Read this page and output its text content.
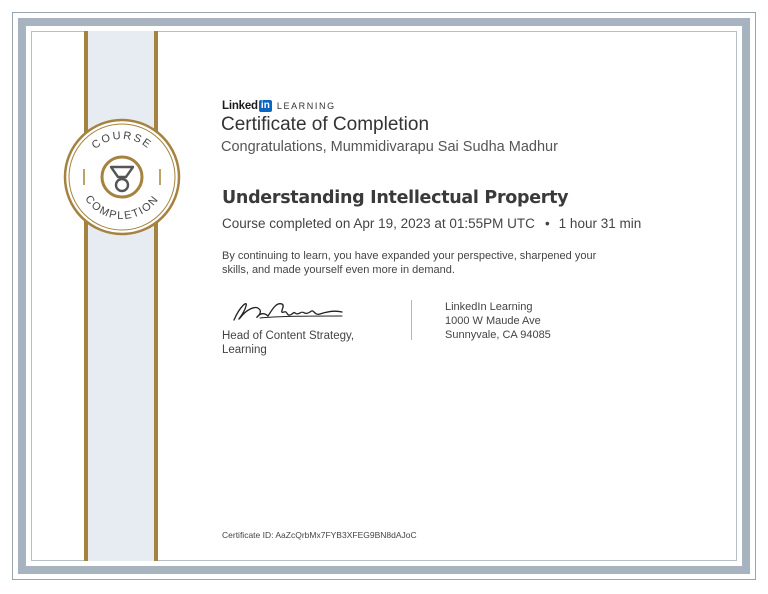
COURSE
COMPLETION
Linked in LEARNING
Certificate of Completion
Congratulations, Mummidivarapu Sai Sudha Madhur
Understanding Intellectual Property
Course completed on Apr 19, 2023 at 01:55PM UTC • 1 hour 31 min
By continuing to learn, you have expanded your perspective, sharpened your skills, and made yourself even more in demand.
Head of Content Strategy, Learning
LinkedIn Learning
1000 W Maude Ave
Sunnyvale, CA 94085
Certificate ID: AaZcQrbMx7FYB3XFEG9BN8dAJoC
